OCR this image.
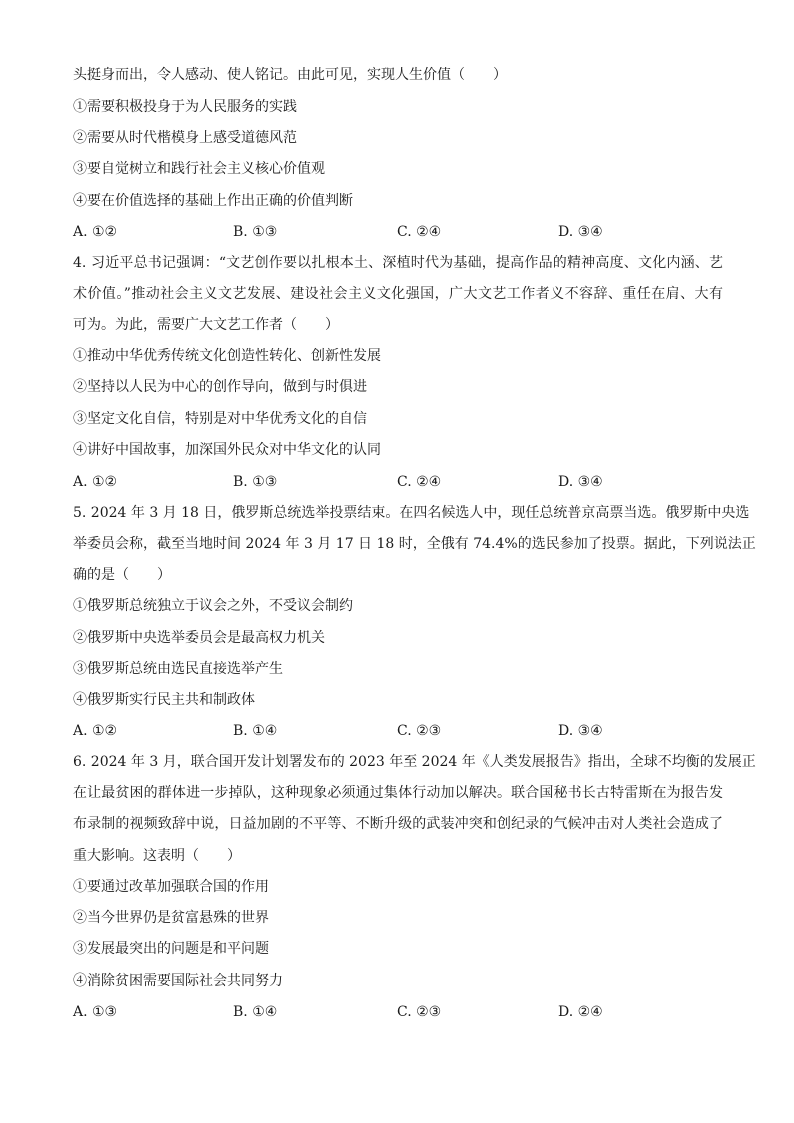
头挺身而出，令人感动、使人铭记。由此可见，实现人生价值（　　）
①需要积极投身于为人民服务的实践
②需要从时代楷模身上感受道德风范
③要自觉树立和践行社会主义核心价值观
④要在价值选择的基础上作出正确的价值判断
A. ①②	B. ①③	C. ②④	D. ③④
4. 习近平总书记强调：“文艺创作要以扎根本土、深植时代为基础，提高作品的精神高度、文化内涵、艺
术价值。”推动社会主义文艺发展、建设社会主义文化强国，广大文艺工作者义不容辞、重任在肩、大有
可为。为此，需要广大文艺工作者（　　）
①推动中华优秀传统文化创造性转化、创新性发展
②坚持以人民为中心的创作导向，做到与时俱进
③坚定文化自信，特别是对中华优秀文化的自信
④讲好中国故事，加深国外民众对中华文化的认同
A. ①②	B. ①③	C. ②④	D. ③④
5. 2024 年 3 月 18 日，俄罗斯总统选举投票结束。在四名候选人中，现任总统普京高票当选。俄罗斯中央选
举委员会称，截至当地时间 2024 年 3 月 17 日 18 时，全俄有 74.4%的选民参加了投票。据此，下列说法正
确的是（　　）
①俄罗斯总统独立于议会之外，不受议会制约
②俄罗斯中央选举委员会是最高权力机关
③俄罗斯总统由选民直接选举产生
④俄罗斯实行民主共和制政体
A. ①②	B. ①④	C. ②③	D. ③④
6. 2024 年 3 月，联合国开发计划署发布的 2023 年至 2024 年《人类发展报告》指出，全球不均衡的发展正
在让最贫困的群体进一步掉队，这种现象必须通过集体行动加以解决。联合国秘书长古特雷斯在为报告发
布录制的视频致辞中说，日益加剧的不平等、不断升级的武装冲突和创纪录的气候冲击对人类社会造成了
重大影响。这表明（　　）
①要通过改革加强联合国的作用
②当今世界仍是贫富悬殊的世界
③发展最突出的问题是和平问题
④消除贫困需要国际社会共同努力
A. ①③	B. ①④	C. ②③	D. ②④
